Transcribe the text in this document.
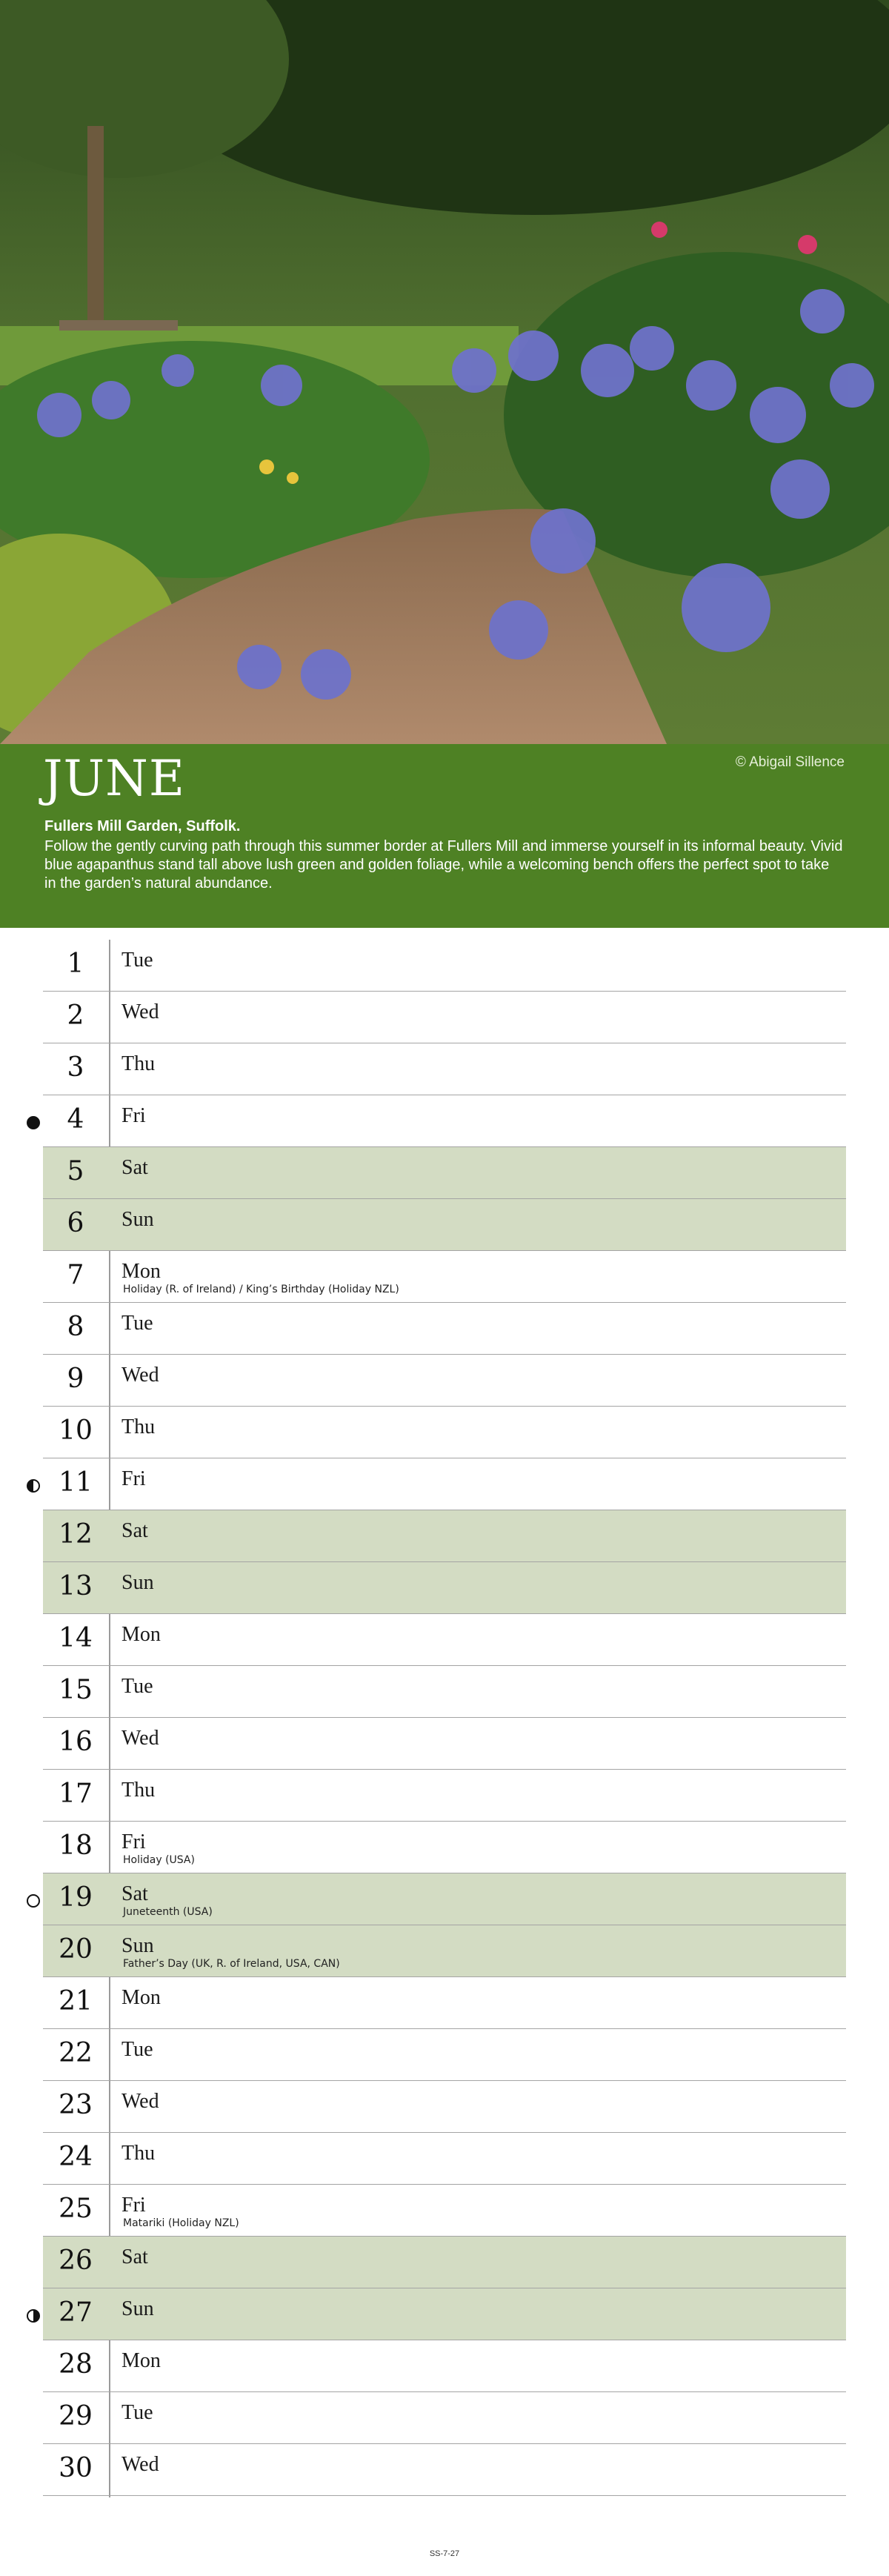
JUNE	© Abigail Sillence
Fullers Mill Garden, Suffolk.
Follow the gently curving path through this summer border at Fullers Mill and immerse yourself in its informal beauty. Vivid blue agapanthus stand tall above lush green and golden foliage, while a welcoming bench offers the perfect spot to take in the garden’s natural abundance.
1	Tue
2	Wed
3	Thu
4	Fri
5	Sat
6	Sun
7	Mon
Holiday (R. of Ireland) / King’s Birthday (Holiday NZL)
8	Tue
9	Wed
10	Thu
11	Fri
12	Sat
13	Sun
14	Mon
15	Tue
16	Wed
17	Thu
18	Fri
Holiday (USA)
19	Sat
Juneteenth (USA)
20	Sun
Father’s Day (UK, R. of Ireland, USA, CAN)
21	Mon
22	Tue
23	Wed
24	Thu
25	Fri
Matariki (Holiday NZL)
26	Sat
27	Sun
28	Mon
29	Tue
30	Wed
SS-7-27
